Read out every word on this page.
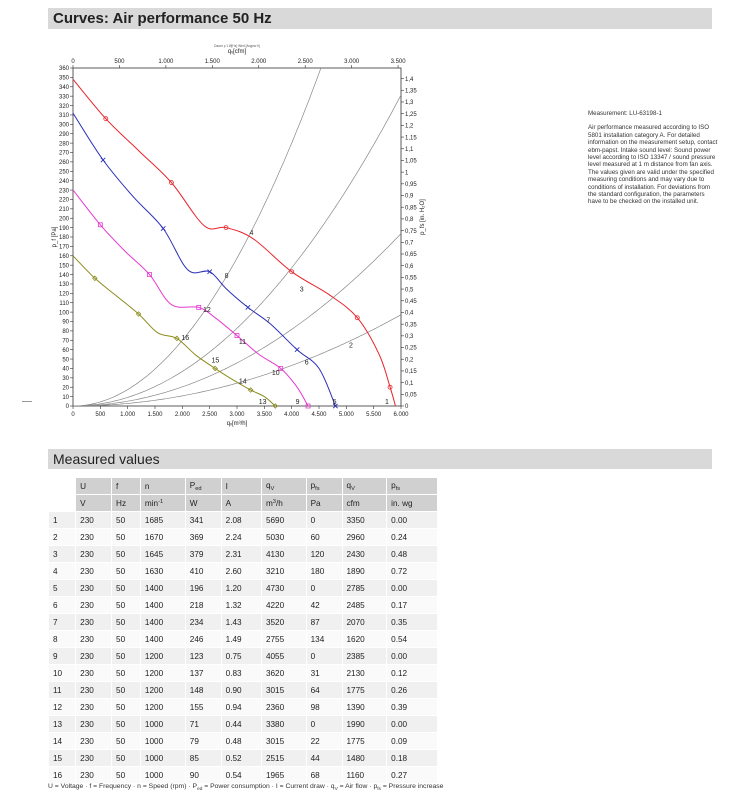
Curves: Air performance 50 Hz
0
10
20
30
40
50
60
70
80
90
100
110
120
130
140
150
160
170
180
190
200
210
220
230
240
250
260
270
280
290
300
310
320
330
340
350
360
0
0,05
0,1
0,15
0,2
0,25
0,3
0,35
0,4
0,45
0,5
0,55
0,6
0,65
0,7
0,75
0,8
0,85
0,9
0,95
1
1,05
1,1
1,15
1,2
1,25
1,3
1,35
1,4
0	500 1.000 1.500 2.000 2.500 3.000 3.500 4.000 4.500 5.000 5.500 6.000
0	500	1.000	1.500	2.000	2.500	3.000	3.500
qᵥ[m³/h]
qᵥ[cfm]
Dauer p 1 Ø[Hz] Wert [Angew h]
p_f [Pa]
p_fs [in. H₂O]
1
2
3
4
5
6
7
8
9
10
11
12
13
14
15
16
Measurement: LU-63198-1
Air performance measured according to ISO 5801 installation category A. For detailed information on the measurement setup, contact ebm-papst. Intake sound level: Sound power level according to ISO 13347 / sound pressure level measured at 1 m distance from fan axis. The values given are valid under the specified measuring conditions and may vary due to conditions of installation. For deviations from the standard configuration, the parameters have to be checked on the installed unit.
Measured values
	U	f	n	$P_{ed}$	I	$q_V$	$p_{fs}$	$q_V$	$p_{fs}$
	V	Hz	$\min^{-1}$	W	A	$m^3/h$	Pa	cfm	in. wg
1	230	50	1685	341	2.08	5690	0	3350	0.00
2	230	50	1670	369	2.24	5030	60	2960	0.24
3	230	50	1645	379	2.31	4130	120	2430	0.48
4	230	50	1630	410	2.60	3210	180	1890	0.72
5	230	50	1400	196	1.20	4730	0	2785	0.00
6	230	50	1400	218	1.32	4220	42	2485	0.17
7	230	50	1400	234	1.43	3520	87	2070	0.35
8	230	50	1400	246	1.49	2755	134	1620	0.54
9	230	50	1200	123	0.75	4055	0	2385	0.00
10	230	50	1200	137	0.83	3620	31	2130	0.12
11	230	50	1200	148	0.90	3015	64	1775	0.26
12	230	50	1200	155	0.94	2360	98	1390	0.39
13	230	50	1000	71	0.44	3380	0	1990	0.00
14	230	50	1000	79	0.48	3015	22	1775	0.09
15	230	50	1000	85	0.52	2515	44	1480	0.18
16	230	50	1000	90	0.54	1965	68	1160	0.27
U = Voltage · f = Frequency · n = Speed $(rpm) \cdot P_{ed}$ = Power consumption · I = Current draw · $q_V$ = Air flow · $p_{fs}$ = Pressure increase
